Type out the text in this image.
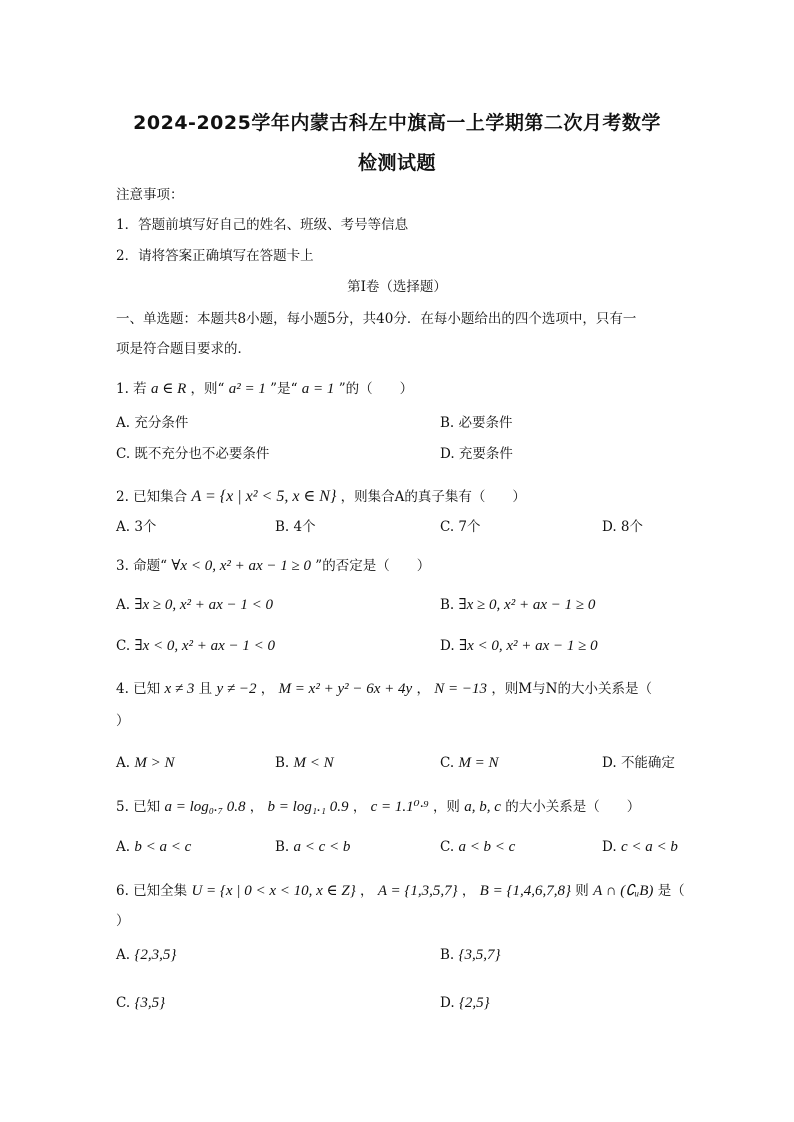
2024-2025学年内蒙古科左中旗高一上学期第二次月考数学
检测试题
注意事项：
1．答题前填写好自己的姓名、班级、考号等信息
2．请将答案正确填写在答题卡上
第I卷（选择题）
一、单选题：本题共8小题，每小题5分，共40分．在每小题给出的四个选项中，只有一
项是符合题目要求的．
1. 若 a ∈ R ，则“ a² = 1 ”是“ a = 1 ”的（　　）
A. 充分条件	B. 必要条件
C. 既不充分也不必要条件	D. 充要条件
2. 已知集合 A = {x | x² < 5, x ∈ N} ，则集合A的真子集有（　　）
A. 3个	B. 4个	C. 7个	D. 8个
3. 命题“ ∀x < 0, x² + ax − 1 ≥ 0 ”的否定是（　　）
A. ∃x ≥ 0, x² + ax − 1 < 0	B. ∃x ≥ 0, x² + ax − 1 ≥ 0
C. ∃x < 0, x² + ax − 1 < 0	D. ∃x < 0, x² + ax − 1 ≥ 0
4. 已知 x ≠ 3 且 y ≠ −2 ， M = x² + y² − 6x + 4y ， N = −13 ，则M与N的大小关系是（
）
A. M > N	B. M < N	C. M = N	D. 不能确定
5. 已知 a = log₀.₇ 0.8 ， b = log₁.₁ 0.9 ， c = 1.1⁰·⁹ ，则 a, b, c 的大小关系是（　　）
A. b < a < c	B. a < c < b	C. a < b < c	D. c < a < b
6. 已知全集 U = {x | 0 < x < 10, x ∈ Z} ， A = {1,3,5,7} ， B = {1,4,6,7,8} 则 A ∩ (∁ᵤB) 是（
）
A. {2,3,5}	B. {3,5,7}
C. {3,5}	D. {2,5}
